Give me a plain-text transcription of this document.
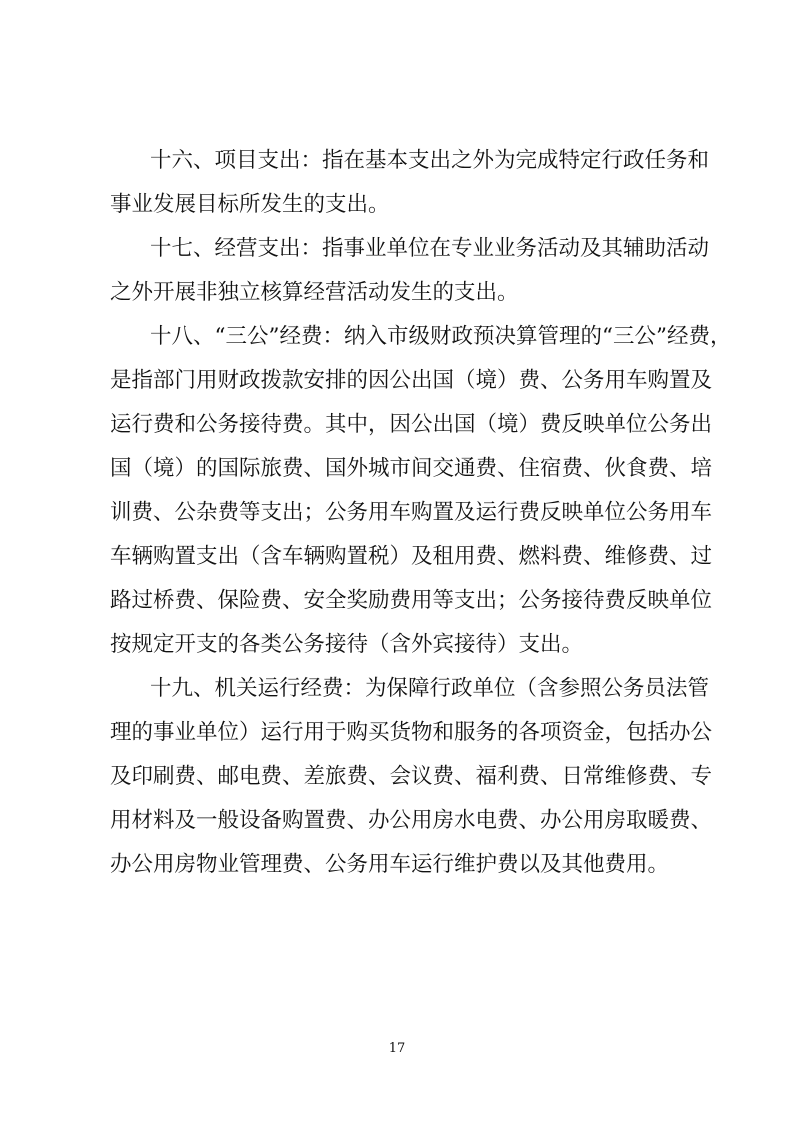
十六、项目支出：指在基本支出之外为完成特定行政任务和
事业发展目标所发生的支出。
十七、经营支出：指事业单位在专业业务活动及其辅助活动
之外开展非独立核算经营活动发生的支出。
十八、“三公”经费：纳入市级财政预决算管理的“三公”经费，
是指部门用财政拨款安排的因公出国（境）费、公务用车购置及
运行费和公务接待费。其中，因公出国（境）费反映单位公务出
国（境）的国际旅费、国外城市间交通费、住宿费、伙食费、培
训费、公杂费等支出；公务用车购置及运行费反映单位公务用车
车辆购置支出（含车辆购置税）及租用费、燃料费、维修费、过
路过桥费、保险费、安全奖励费用等支出；公务接待费反映单位
按规定开支的各类公务接待（含外宾接待）支出。
十九、机关运行经费：为保障行政单位（含参照公务员法管
理的事业单位）运行用于购买货物和服务的各项资金，包括办公
及印刷费、邮电费、差旅费、会议费、福利费、日常维修费、专
用材料及一般设备购置费、办公用房水电费、办公用房取暖费、
办公用房物业管理费、公务用车运行维护费以及其他费用。
17
